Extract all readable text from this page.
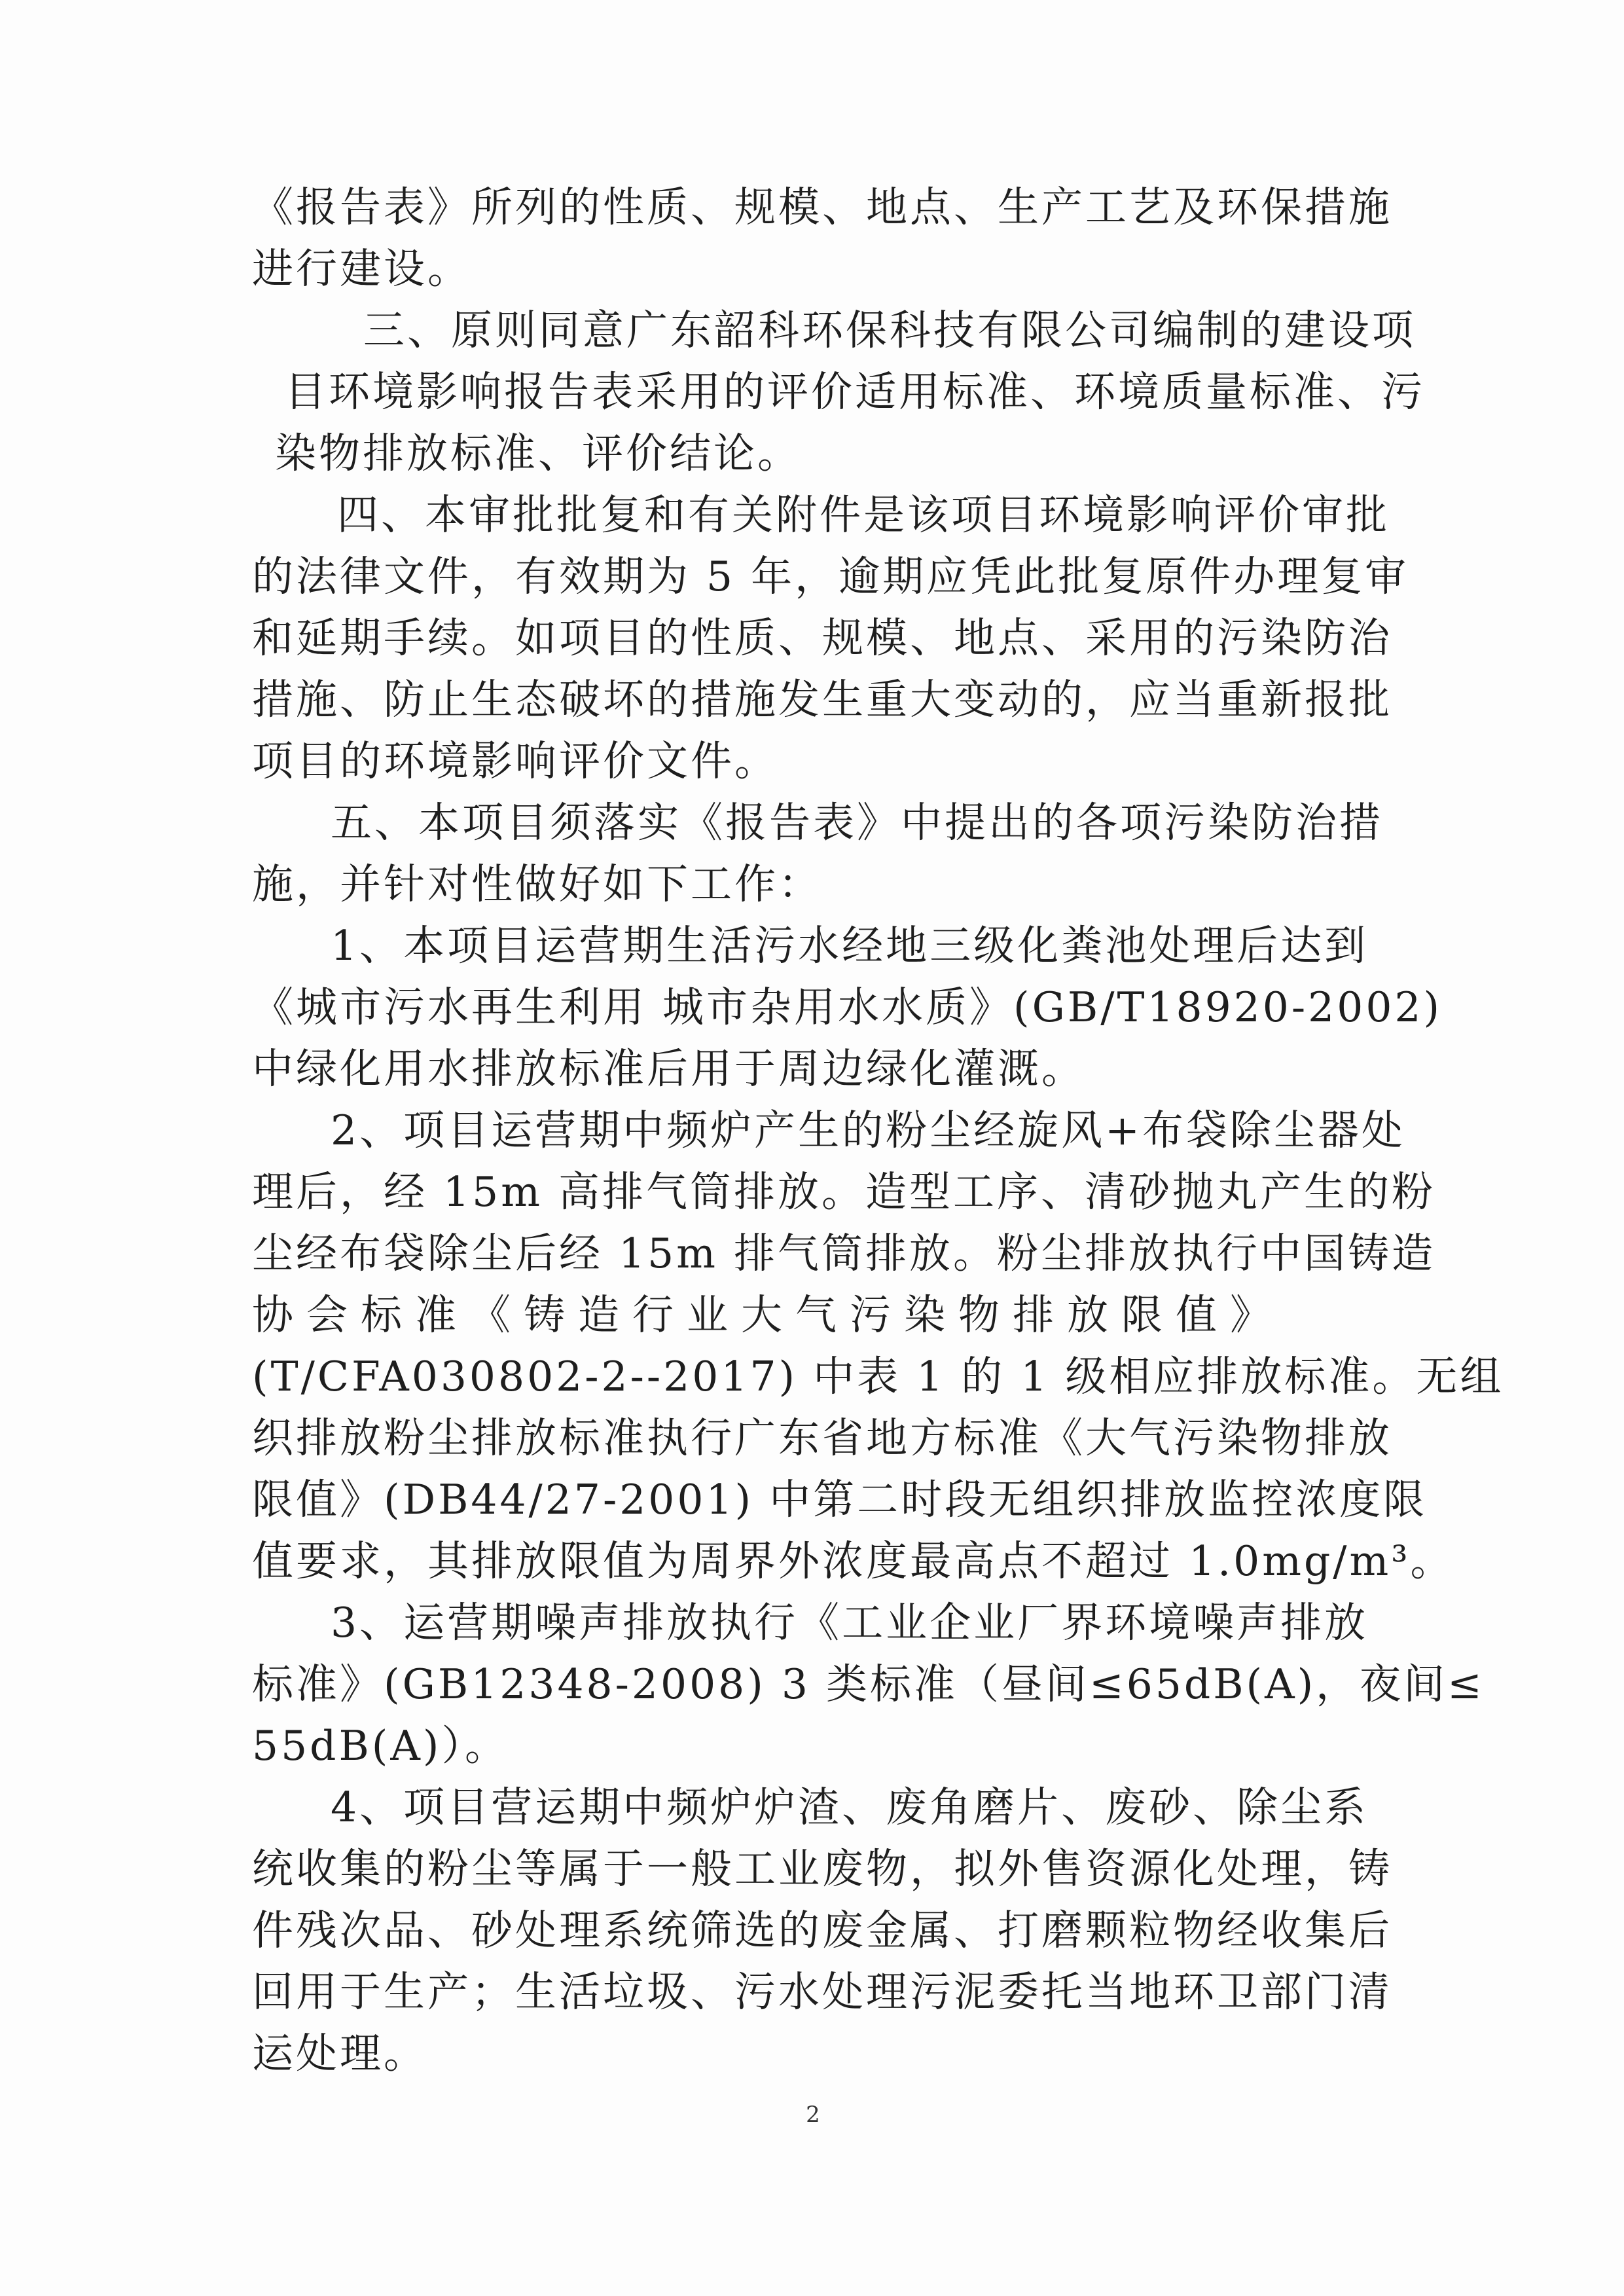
《报告表》所列的性质、规模、地点、生产工艺及环保措施
进行建设。
三、原则同意广东韶科环保科技有限公司编制的建设项
目环境影响报告表采用的评价适用标准、环境质量标准、污
染物排放标准、评价结论。
四、本审批批复和有关附件是该项目环境影响评价审批
的法律文件，有效期为 5 年，逾期应凭此批复原件办理复审
和延期手续。如项目的性质、规模、地点、采用的污染防治
措施、防止生态破坏的措施发生重大变动的，应当重新报批
项目的环境影响评价文件。
五、本项目须落实《报告表》中提出的各项污染防治措
施，并针对性做好如下工作：
1、本项目运营期生活污水经地三级化粪池处理后达到
《城市污水再生利用 城市杂用水水质》(GB/T18920-2002)
中绿化用水排放标准后用于周边绿化灌溉。
2、项目运营期中频炉产生的粉尘经旋风+布袋除尘器处
理后，经 15m 高排气筒排放。造型工序、清砂抛丸产生的粉
尘经布袋除尘后经 15m 排气筒排放。粉尘排放执行中国铸造
协会标准《铸造行业大气污染物排放限值》
(T/CFA030802-2--2017) 中表 1 的 1 级相应排放标准。无组
织排放粉尘排放标准执行广东省地方标准《大气污染物排放
限值》(DB44/27-2001) 中第二时段无组织排放监控浓度限
值要求，其排放限值为周界外浓度最高点不超过 1.0mg/m³。
3、运营期噪声排放执行《工业企业厂界环境噪声排放
标准》(GB12348-2008) 3 类标准（昼间≤65dB(A)，夜间≤
55dB(A)）。
4、项目营运期中频炉炉渣、废角磨片、废砂、除尘系
统收集的粉尘等属于一般工业废物，拟外售资源化处理，铸
件残次品、砂处理系统筛选的废金属、打磨颗粒物经收集后
回用于生产；生活垃圾、污水处理污泥委托当地环卫部门清
运处理。
2
